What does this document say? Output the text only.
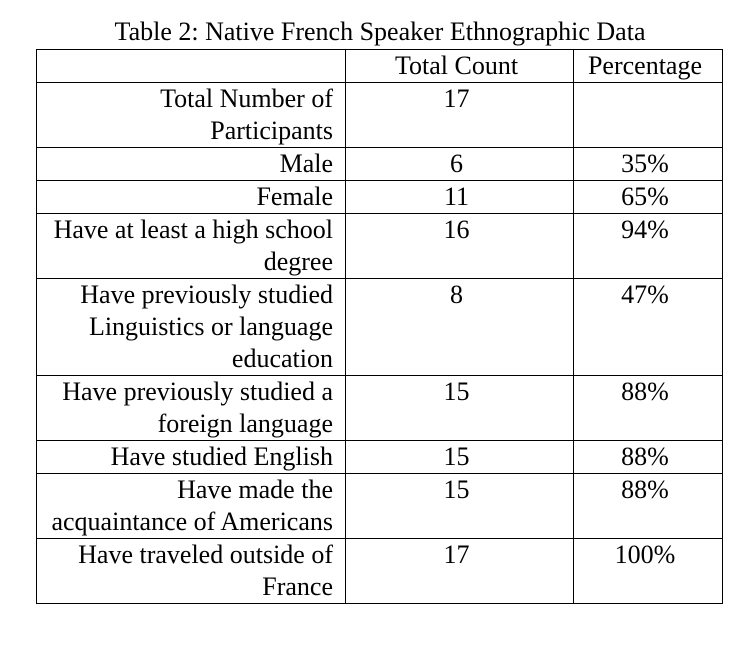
Table 2: Native French Speaker Ethnographic Data
	Total Count	Percentage
Total Number of Participants	17	
Male	6	35%
Female	11	65%
Have at least a high school degree	16	94%
Have previously studied Linguistics or language education	8	47%
Have previously studied a foreign language	15	88%
Have studied English	15	88%
Have made the acquaintance of Americans	15	88%
Have traveled outside of France	17	100%
